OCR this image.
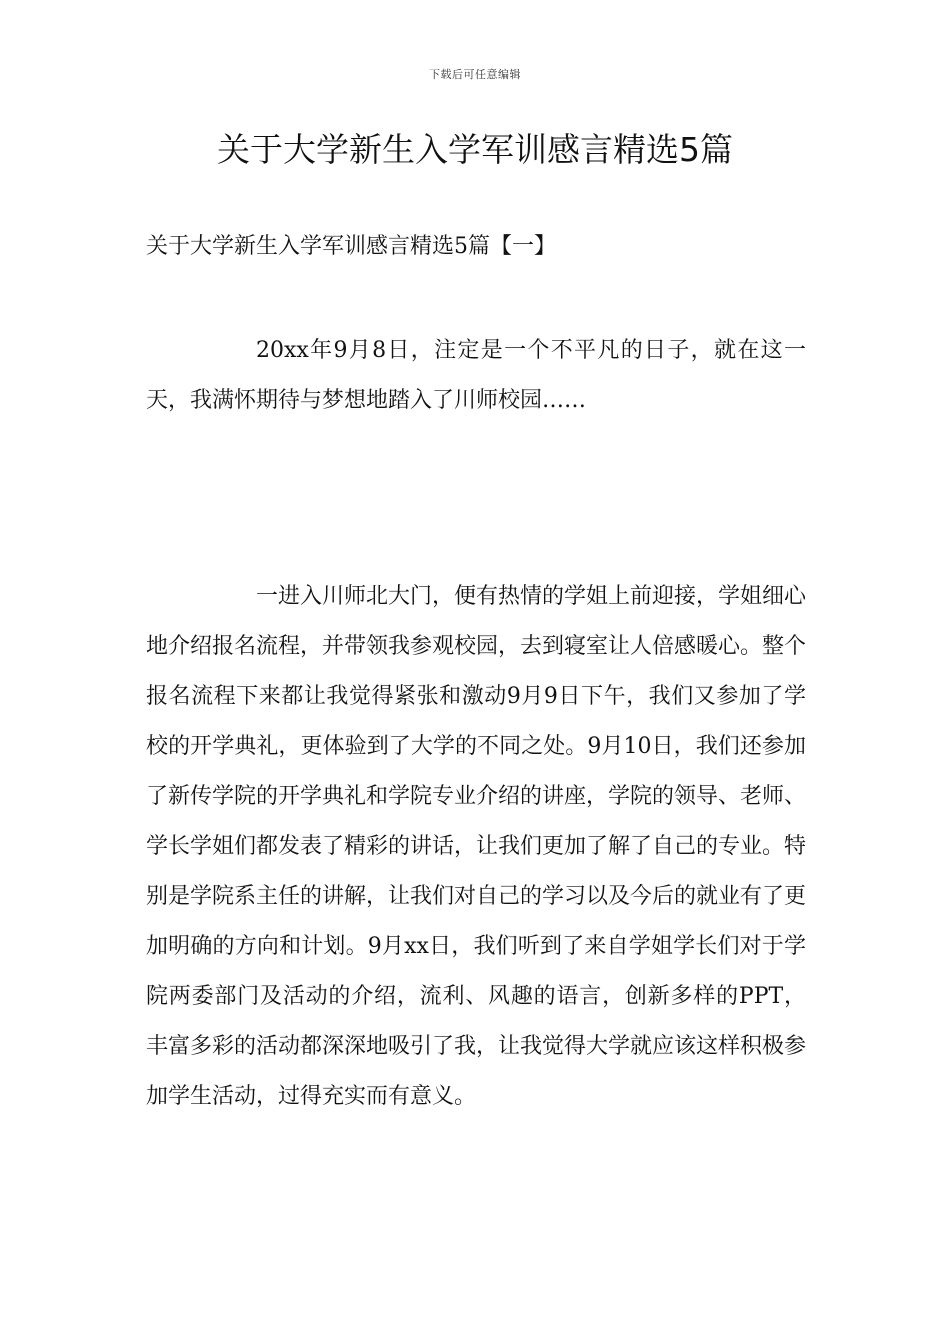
下载后可任意编辑
关于大学新生入学军训感言精选5篇
关于大学新生入学军训感言精选5篇【一】

20xx年9月8日，注定是一个不平凡的日子，就在这一天，我满怀期待与梦想地踏入了川师校园……

一进入川师北大门，便有热情的学姐上前迎接，学姐细心地介绍报名流程，并带领我参观校园，去到寝室让人倍感暖心。整个报名流程下来都让我觉得紧张和激动9月9日下午，我们又参加了学校的开学典礼，更体验到了大学的不同之处。9月10日，我们还参加了新传学院的开学典礼和学院专业介绍的讲座，学院的领导、老师、学长学姐们都发表了精彩的讲话，让我们更加了解了自己的专业。特别是学院系主任的讲解，让我们对自己的学习以及今后的就业有了更加明确的方向和计划。9月xx日，我们听到了来自学姐学长们对于学院两委部门及活动的介绍，流利、风趣的语言，创新多样的PPT，丰富多彩的活动都深深地吸引了我，让我觉得大学就应该这样积极参加学生活动，过得充实而有意义。
